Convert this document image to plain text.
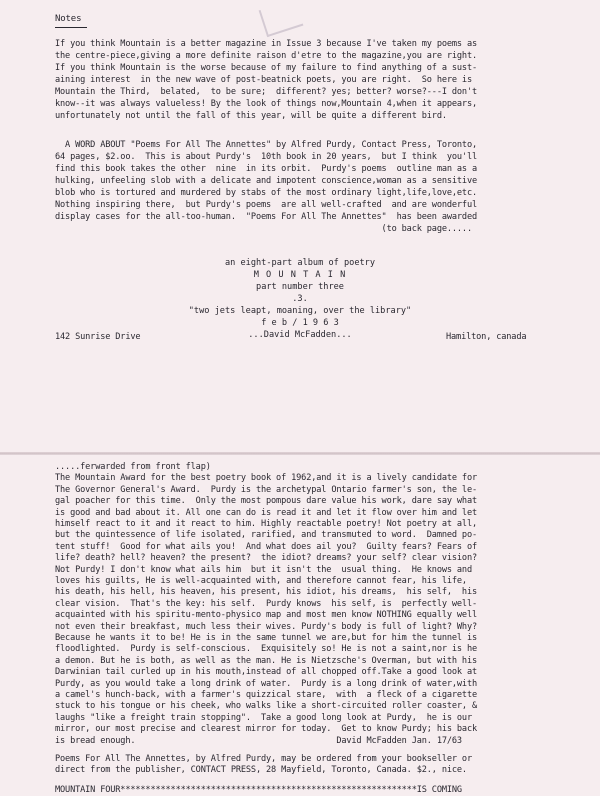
Notes

If you think Mountain is a better magazine in Issue 3 because I've taken my poems as

the centre-piece,giving a more definite raison d'etre to the magazine,you are right.

If you think Mountain is the worse because of my failure to find anything of a sust-

aining interest  in the new wave of post-beatnick poets, you are right.  So here is

Mountain the Third,  belated,  to be sure;  different? yes; better? worse?---I don't

know--it was always valueless! By the look of things now,Mountain 4,when it appears,

unfortunately not until the fall of this year, will be quite a different bird.

A WORD ABOUT "Poems For All The Annettes" by Alfred Purdy, Contact Press, Toronto,

64 pages, $2.oo.  This is about Purdy's  10th book in 20 years,  but I think  you'll

find this book takes the other  nine  in its orbit.  Purdy's poems  outline man as a

hulking, unfeeling slob with a delicate and impotent conscience,woman as a sensitive

blob who is tortured and murdered by stabs of the most ordinary light,life,love,etc.

Nothing inspiring there,  but Purdy's poems  are all well-crafted  and are wonderful

display cases for the all-too-human.  "Poems For All The Annettes"  has been awarded

(to back page.....

an eight-part album of poetry

M O U N T A I N

part number three

.3.

"two jets leapt, moaning, over the library"

f e b / 1 9 6 3

...David McFadden...

142 Sunrise Drive	Hamilton, canada

.....ferwarded from front flap)

The Mountain Award for the best poetry book of 1962,and it is a lively candidate for

The Governor General's Award.  Purdy is the archetypal Ontario farmer's son, the le-

gal poacher for this time.  Only the most pompous dare value his work, dare say what

is good and bad about it. All one can do is read it and let it flow over him and let

himself react to it and it react to him. Highly reactable poetry! Not poetry at all,

but the quintessence of life isolated, rarified, and transmuted to word.  Damned po-

tent stuff!  Good for what ails you!  And what does ail you?  Guilty fears? Fears of

life? death? hell? heaven? the present?  the idiot? dreams? your self? clear vision?

Not Purdy! I don't know what ails him  but it isn't the  usual thing.  He knows and

loves his guilts, He is well-acquainted with, and therefore cannot fear, his life,

his death, his hell, his heaven, his present, his idiot, his dreams,  his self,  his

clear vision.  That's the key: his self.  Purdy knows  his self, is  perfectly well-

acquainted with his spiritu-mento-physico map and most men know NOTHING equally well

not even their breakfast, much less their wives. Purdy's body is full of light? Why?

Because he wants it to be! He is in the same tunnel we are,but for him the tunnel is

floodlighted.  Purdy is self-conscious.  Exquisitely so! He is not a saint,nor is he

a demon. But he is both, as well as the man. He is Nietzsche's Overman, but with his

Darwinian tail curled up in his mouth,instead of all chopped off.Take a good look at

Purdy, as you would take a long drink of water.  Purdy is a long drink of water,with

a camel's hunch-back, with a farmer's quizzical stare,  with  a fleck of a cigarette

stuck to his tongue or his cheek, who walks like a short-circuited roller coaster, &

laughs "like a freight train stopping".  Take a good long look at Purdy,  he is our

mirror, our most precise and clearest mirror for today.  Get to know Purdy; his back

is bread enough.                                        David McFadden Jan. 17/63

Poems For All The Annettes, by Alfred Purdy, may be ordered from your bookseller or

direct from the publisher, CONTACT PRESS, 28 Mayfield, Toronto, Canada. $2., nice.

MOUNTAIN FOUR***********************************************************IS COMING
